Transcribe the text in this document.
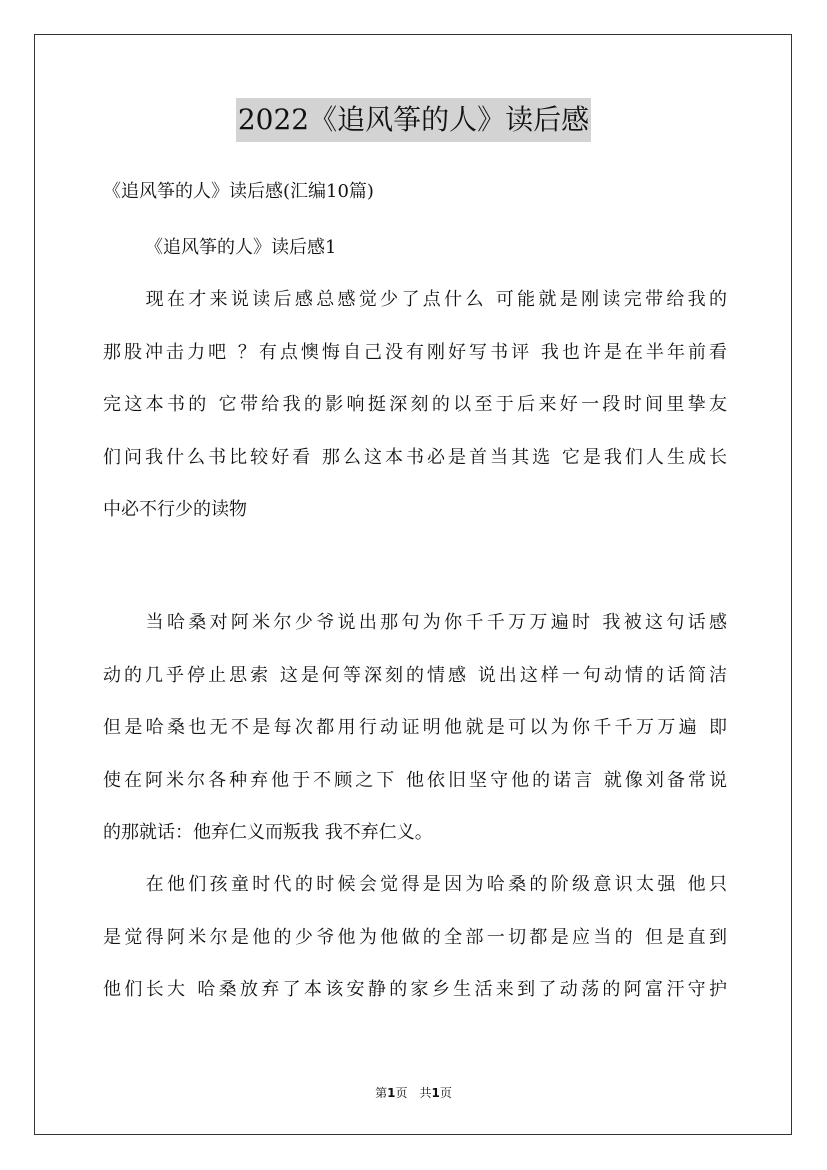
2022《追风筝的人》读后感
《追风筝的人》读后感(汇编10篇)
《追风筝的人》读后感1
　　现在才来说读后感总感觉少了点什么 可能就是刚读完带给我的
那股冲击力吧 ？有点懊悔自己没有刚好写书评 我也许是在半年前看
完这本书的 它带给我的影响挺深刻的以至于后来好一段时间里挚友
们问我什么书比较好看 那么这本书必是首当其选 它是我们人生成长
中必不行少的读物
　　当哈桑对阿米尔少爷说出那句为你千千万万遍时 我被这句话感
动的几乎停止思索 这是何等深刻的情感 说出这样一句动情的话简洁
但是哈桑也无不是每次都用行动证明他就是可以为你千千万万遍 即
使在阿米尔各种弃他于不顾之下 他依旧坚守他的诺言 就像刘备常说
的那就话：他弃仁义而叛我 我不弃仁义。
　　在他们孩童时代的时候会觉得是因为哈桑的阶级意识太强 他只
是觉得阿米尔是他的少爷他为他做的全部一切都是应当的 但是直到
他们长大 哈桑放弃了本该安静的家乡生活来到了动荡的阿富汗守护
第1页　共1页
